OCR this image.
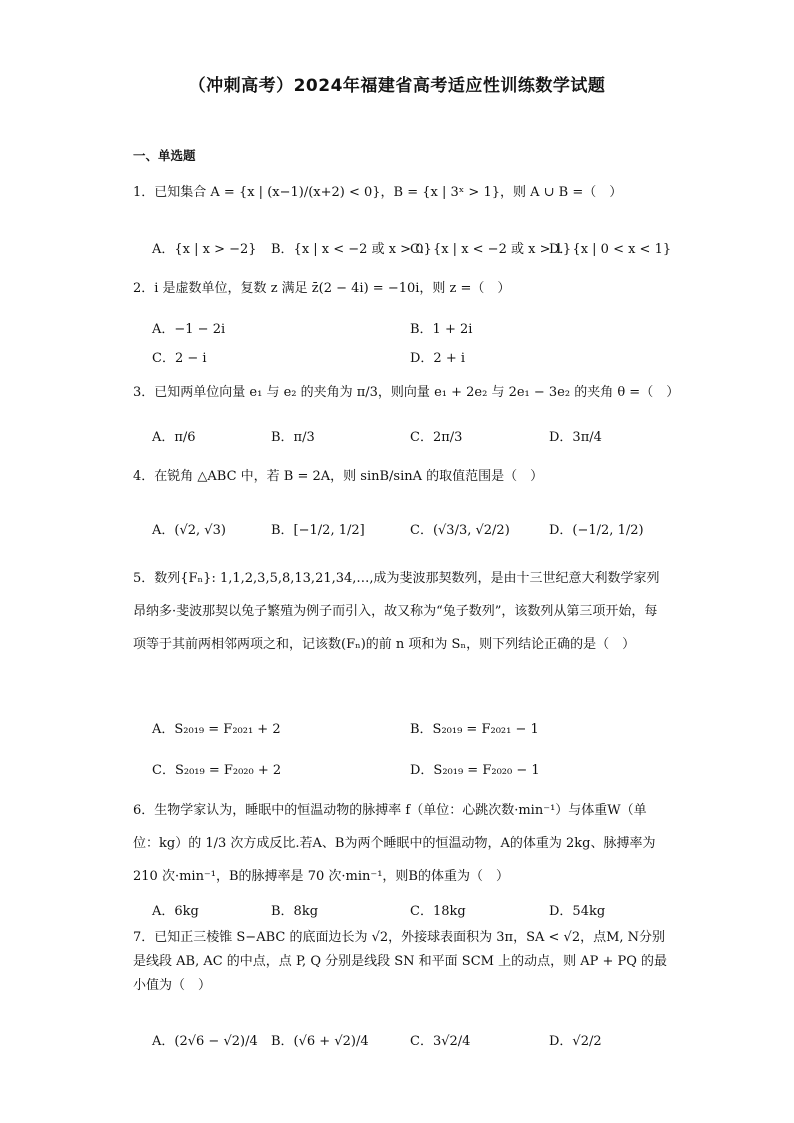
（冲刺高考）2024年福建省高考适应性训练数学试题
一、单选题
1．已知集合 A = {x | (x−1)/(x+2) < 0}，B = {x | 3ˣ > 1}，则 A ∪ B =（　）
A．{x | x > −2} B．{x | x < −2 或 x > 0}
C．{x | x < −2 或 x > 1}
D．{x | 0 < x < 1}
2．i 是虚数单位，复数 z 满足 z̄(2 − 4i) = −10i，则 z =（　）
A．−1 − 2i	B．1 + 2i
C．2 − i	D．2 + i
3．已知两单位向量 e₁ 与 e₂ 的夹角为 π/3，则向量 e₁ + 2e₂ 与 2e₁ − 3e₂ 的夹角 θ =（　）
A．π/6	B．π/3	C．2π/3	D．3π/4
4．在锐角 △ABC 中，若 B = 2A，则 sinB/sinA 的取值范围是（　）
A．(√2, √3)	B．[−1/2, 1/2]	C．(√3/3, √2/2)	D．(−1/2, 1/2)
5．数列{Fₙ}: 1,1,2,3,5,8,13,21,34,…,成为斐波那契数列，是由十三世纪意大利数学家列昂纳多·斐波那契以兔子繁殖为例子而引入，故又称为“兔子数列”，该数列从第三项开始，每项等于其前两相邻两项之和，记该数(Fₙ)的前 n 项和为 Sₙ，则下列结论正确的是（　）
A．S₂₀₁₉ = F₂₀₂₁ + 2	B．S₂₀₁₉ = F₂₀₂₁ − 1
C．S₂₀₁₉ = F₂₀₂₀ + 2	D．S₂₀₁₉ = F₂₀₂₀ − 1
6．生物学家认为，睡眠中的恒温动物的脉搏率 f（单位：心跳次数·min⁻¹）与体重W（单位：kg）的 1/3 次方成反比.若A、B为两个睡眠中的恒温动物，A的体重为 2kg、脉搏率为 210 次·min⁻¹，B的脉搏率是 70 次·min⁻¹，则B的体重为（　）
A．6kg	B．8kg	C．18kg	D．54kg
7．已知正三棱锥 S−ABC 的底面边长为 √2，外接球表面积为 3π，SA < √2，点M, N分别是线段 AB, AC 的中点，点 P, Q 分别是线段 SN 和平面 SCM 上的动点，则 AP + PQ 的最小值为（　）
A．(2√6 − √2)/4 B．(√6 + √2)/4	C．3√2/4	D．√2/2
